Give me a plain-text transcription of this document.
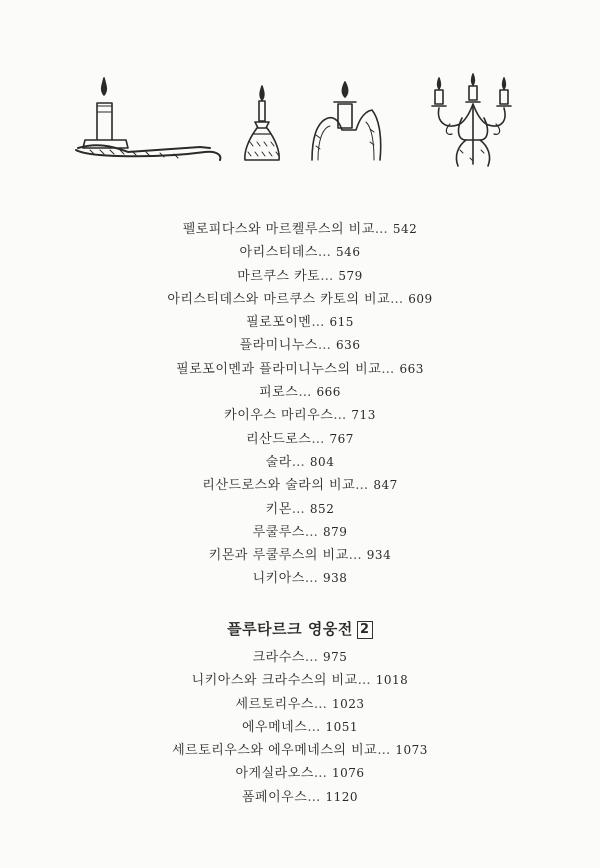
펠로피다스와 마르켈루스의 비교… 542
아리스티데스… 546
마르쿠스 카토… 579
아리스티데스와 마르쿠스 카토의 비교… 609
필로포이멘… 615
플라미니누스… 636
필로포이멘과 플라미니누스의 비교… 663
피로스… 666
카이우스 마리우스… 713
리산드로스… 767
술라… 804
리산드로스와 술라의 비교… 847
키몬… 852
루쿨루스… 879
키몬과 루쿨루스의 비교… 934
니키아스… 938
플루타르크 영웅전 2
크라수스… 975
니키아스와 크라수스의 비교… 1018
세르토리우스… 1023
에우메네스… 1051
세르토리우스와 에우메네스의 비교… 1073
아게실라오스… 1076
폼페이우스… 1120
